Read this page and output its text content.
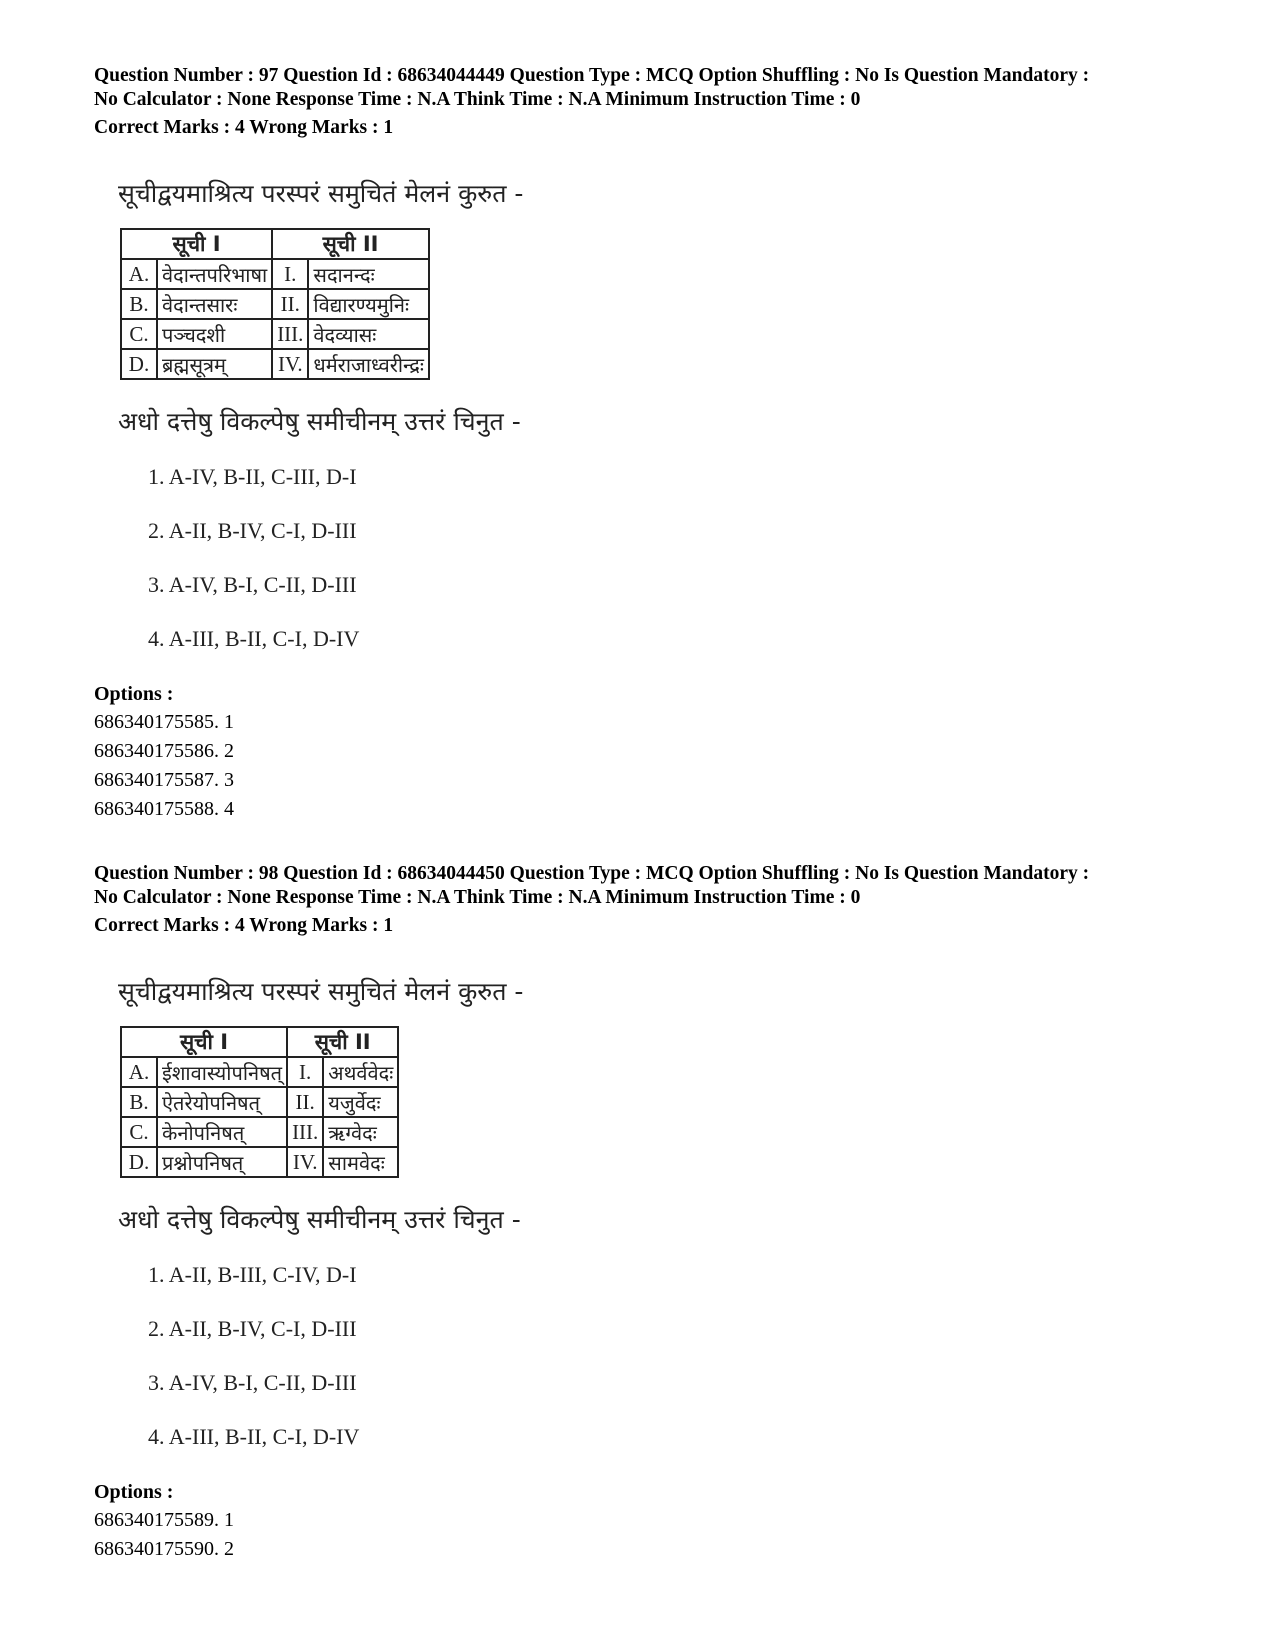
Question Number : 97 Question Id : 68634044449 Question Type : MCQ Option Shuffling : No Is Question Mandatory :
No Calculator : None Response Time : N.A Think Time : N.A Minimum Instruction Time : 0
Correct Marks : 4 Wrong Marks : 1
सूचीद्वयमाश्रित्य परस्परं समुचितं मेलनं कुरुत -
सूची I		सूची II	
A.	वेदान्तपरिभाषा	I.	सदानन्दः
B.	वेदान्तसारः	II.	विद्यारण्यमुनिः
C.	पञ्चदशी	III.	वेदव्यासः
D.	ब्रह्मसूत्रम्	IV.	धर्मराजाध्वरीन्द्रः
अधो दत्तेषु विकल्पेषु समीचीनम् उत्तरं चिनुत -
1. A-IV, B-II, C-III, D-I
2. A-II, B-IV, C-I, D-III
3. A-IV, B-I, C-II, D-III
4. A-III, B-II, C-I, D-IV
Options :
686340175585. 1
686340175586. 2
686340175587. 3
686340175588. 4
Question Number : 98 Question Id : 68634044450 Question Type : MCQ Option Shuffling : No Is Question Mandatory :
No Calculator : None Response Time : N.A Think Time : N.A Minimum Instruction Time : 0
Correct Marks : 4 Wrong Marks : 1
सूचीद्वयमाश्रित्य परस्परं समुचितं मेलनं कुरुत -
सूची I		सूची II	
A.	ईशावास्योपनिषत्	I.	अथर्ववेदः
B.	ऐतरेयोपनिषत्	II.	यजुर्वेदः
C.	केनोपनिषत्	III.	ऋग्वेदः
D.	प्रश्नोपनिषत्	IV.	सामवेदः
अधो दत्तेषु विकल्पेषु समीचीनम् उत्तरं चिनुत -
1. A-II, B-III, C-IV, D-I
2. A-II, B-IV, C-I, D-III
3. A-IV, B-I, C-II, D-III
4. A-III, B-II, C-I, D-IV
Options :
686340175589. 1
686340175590. 2
